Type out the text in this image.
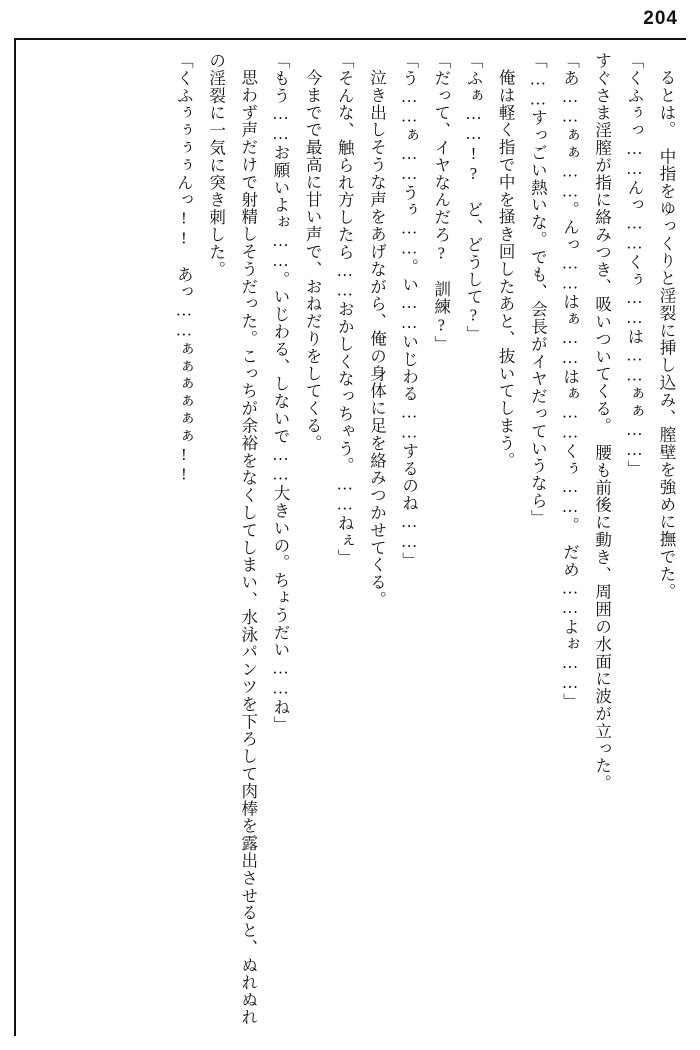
204

るとは。　中指をゆっくりと淫裂に挿し込み、膣壁を強めに撫でた。

「くふぅっ……んっ……くぅ……は……ぁぁ……」

すぐさま淫膣が指に絡みつき、吸いついてくる。　腰も前後に動き、周囲の水面に波が立った。

「あ……ぁぁ……。んっ……はぁ……はぁ……くぅ……。　だめ……よぉ……」

「……すっごい熱いな。でも、会長がイヤだっていうなら」

俺は軽く指で中を掻き回したあと、抜いてしまう。

「ふぁ……!?　ど、どうして?」

「だって、イヤなんだろ?　訓練?」

「う……ぁ……うぅ……。い……いじわる……するのね……」

泣き出しそうな声をあげながら、俺の身体に足を絡みつかせてくる。

「そんな、触られ方したら……おかしくなっちゃう。……ねぇ」

今までで最高に甘い声で、おねだりをしてくる。

「もう……お願いよぉ……。いじわる、しないで……大きいの。ちょうだい……ね」

思わず声だけで射精しそうだった。こっちが余裕をなくしてしまい、水泳パンツを下ろして肉棒を露出させると、ぬれぬれの淫裂に一気に突き刺した。

「くふぅぅぅぅんっ!!　あっ……ぁぁぁぁぁぁ!!
